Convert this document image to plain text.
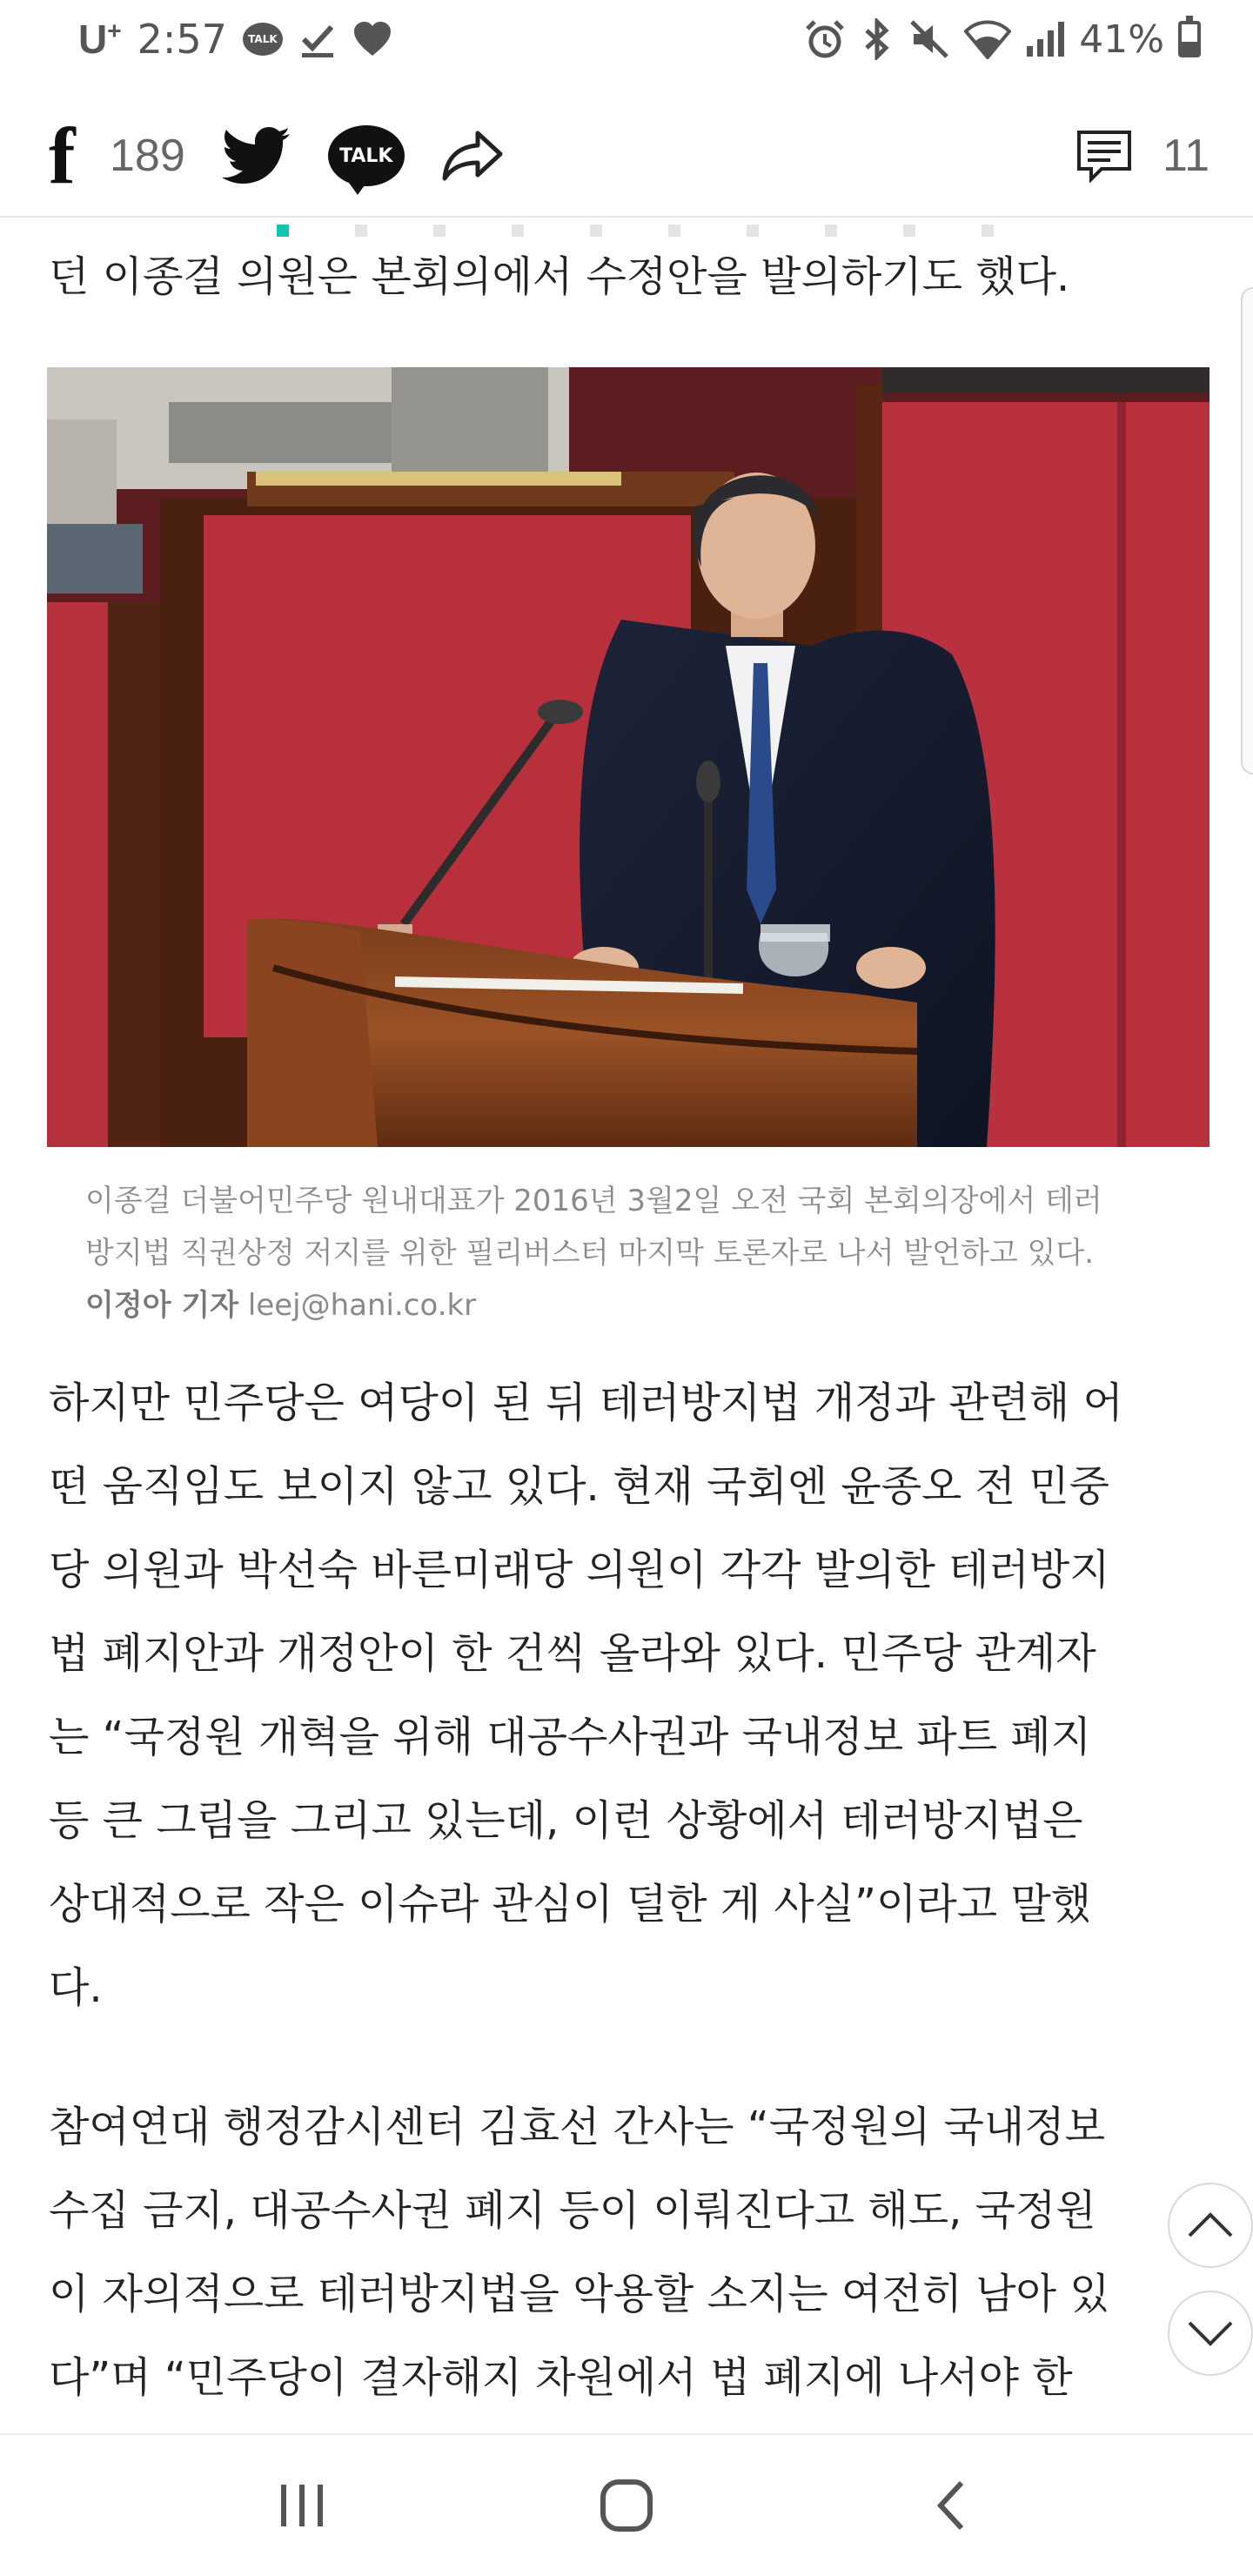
U+ 2:57	TALK	41%
f 189	TALK	11
던 이종걸 의원은 본회의에서 수정안을 발의하기도 했다.
이종걸 더불어민주당 원내대표가 2016년 3월2일 오전 국회 본회의장에서 테러
방지법 직권상정 저지를 위한 필리버스터 마지막 토론자로 나서 발언하고 있다.
이정아 기자 leej@hani.co.kr
하지만 민주당은 여당이 된 뒤 테러방지법 개정과 관련해 어
떤 움직임도 보이지 않고 있다. 현재 국회엔 윤종오 전 민중
당 의원과 박선숙 바른미래당 의원이 각각 발의한 테러방지
법 폐지안과 개정안이 한 건씩 올라와 있다. 민주당 관계자
는 “국정원 개혁을 위해 대공수사권과 국내정보 파트 폐지
등 큰 그림을 그리고 있는데, 이런 상황에서 테러방지법은
상대적으로 작은 이슈라 관심이 덜한 게 사실”이라고 말했
다.
참여연대 행정감시센터 김효선 간사는 “국정원의 국내정보
수집 금지, 대공수사권 폐지 등이 이뤄진다고 해도, 국정원
이 자의적으로 테러방지법을 악용할 소지는 여전히 남아 있
다”며 “민주당이 결자해지 차원에서 법 폐지에 나서야 한
